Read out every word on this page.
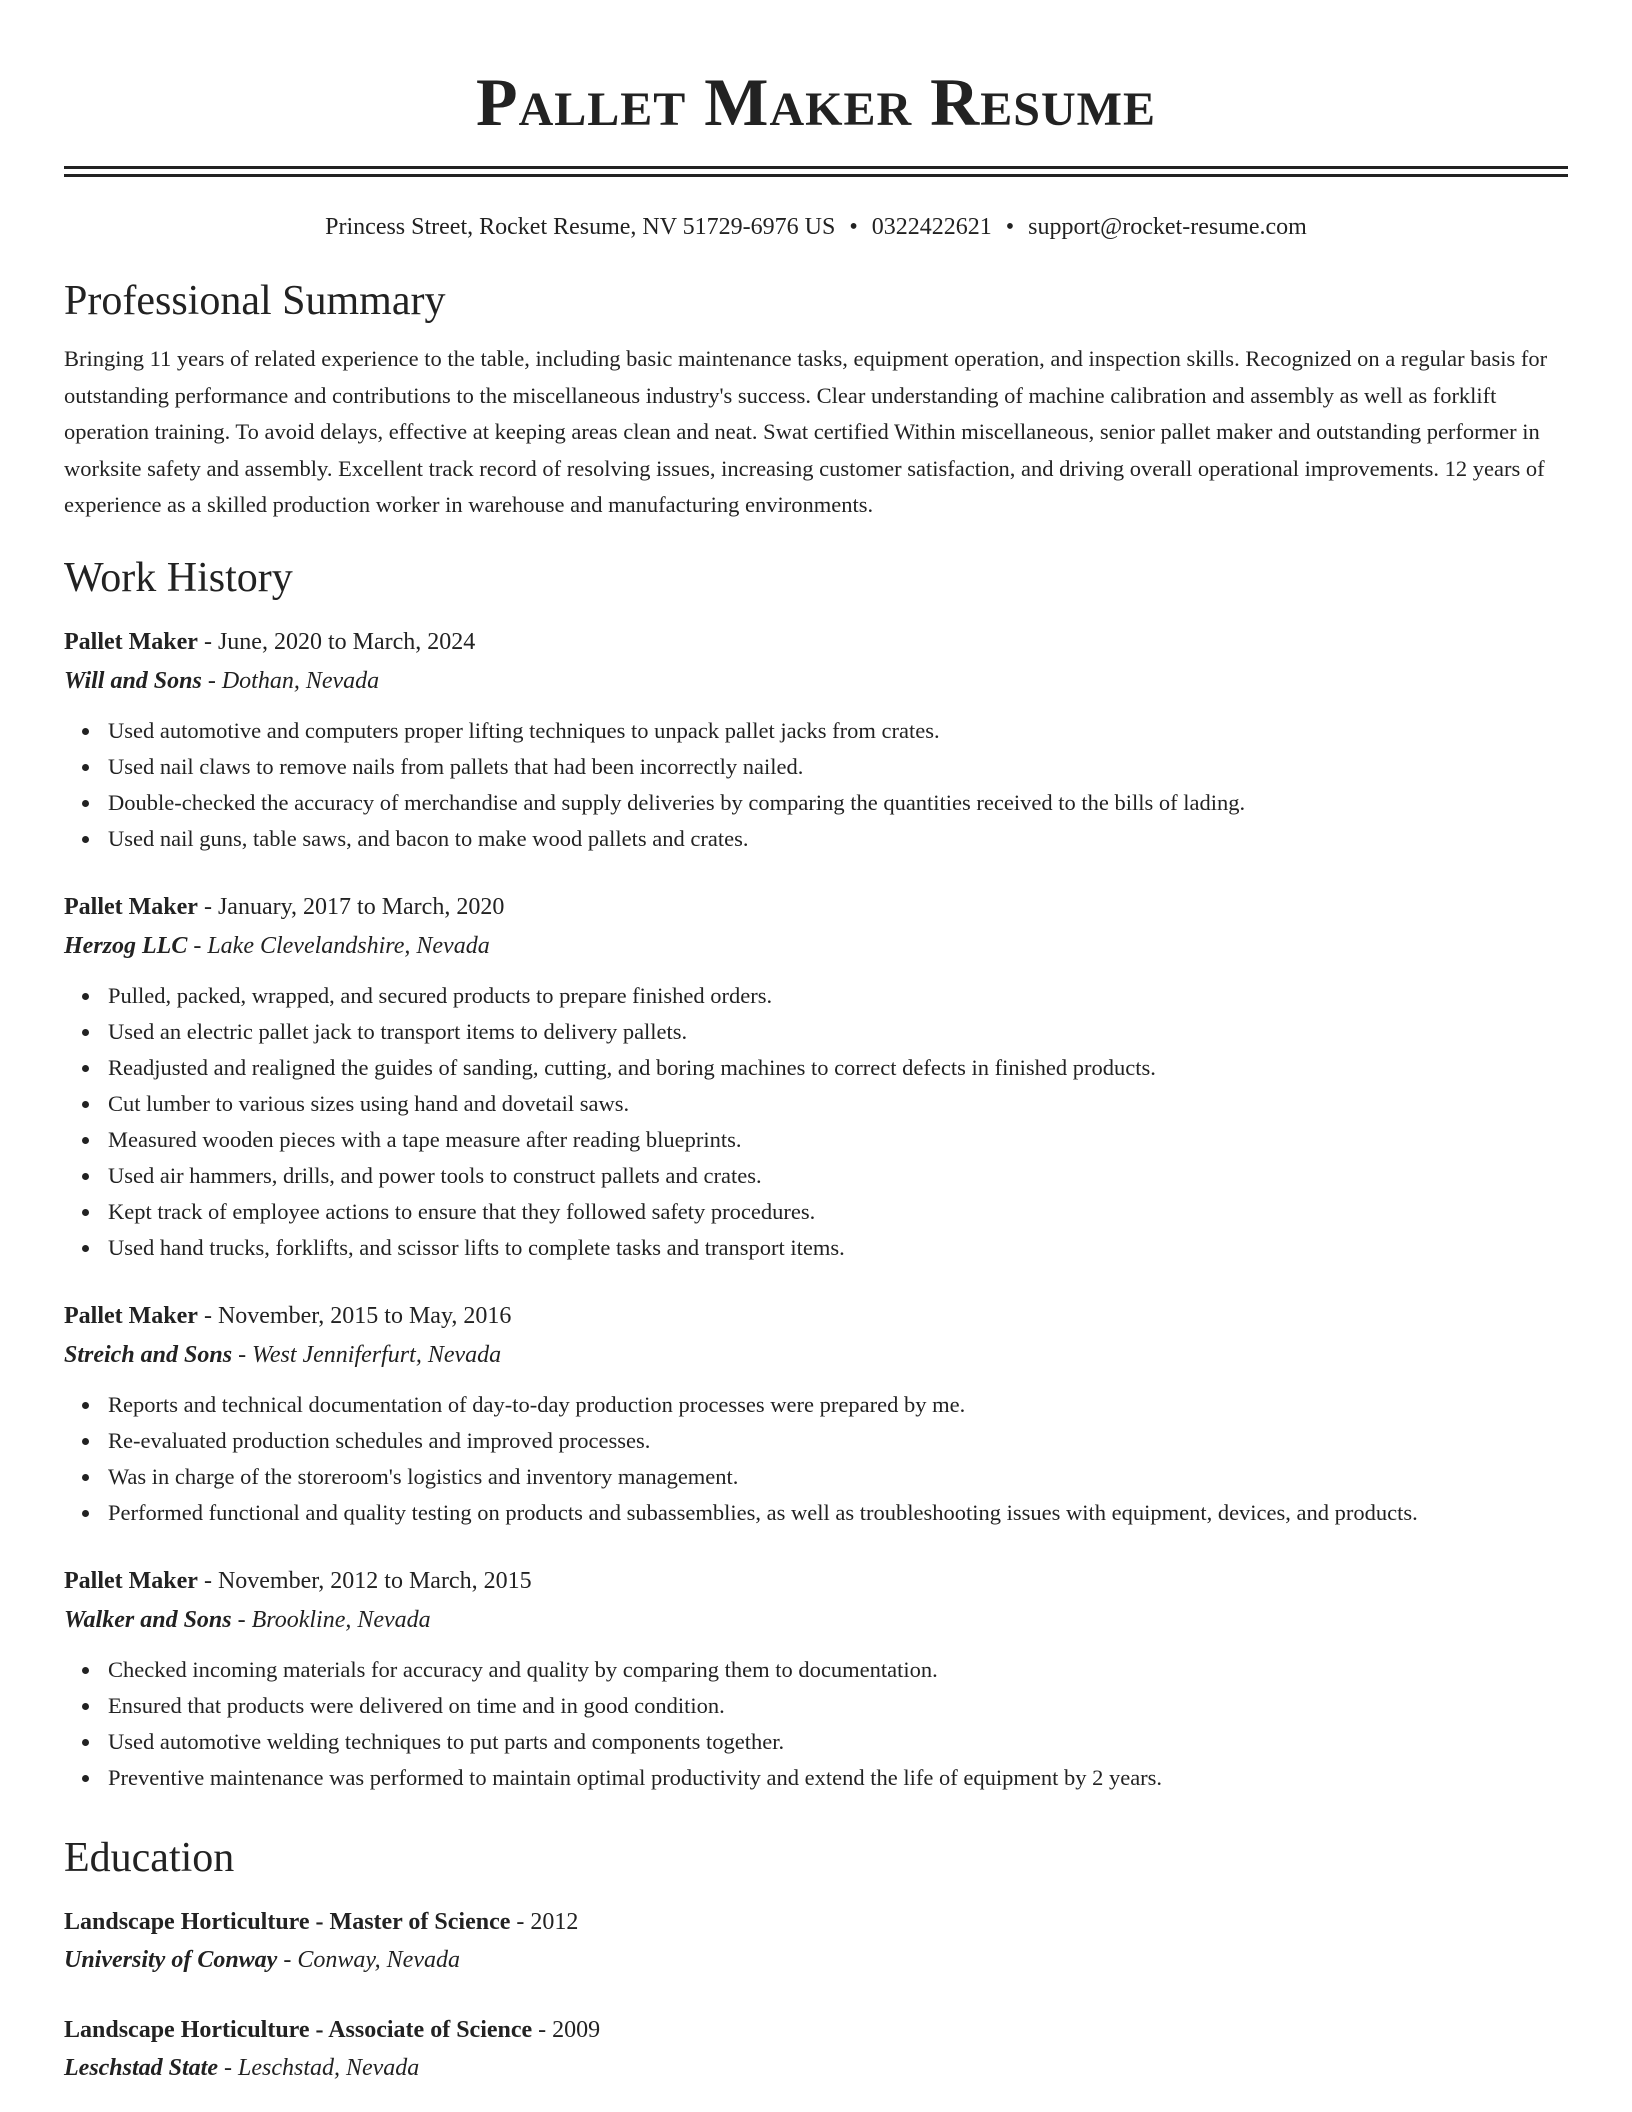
Pallet Maker Resume
Princess Street, Rocket Resume, NV 51729-6976 US • 0322422621 • support@rocket-resume.com
Professional Summary

Bringing 11 years of related experience to the table, including basic maintenance tasks, equipment operation, and inspection skills. Recognized on a regular basis for outstanding performance and contributions to the miscellaneous industry's success. Clear understanding of machine calibration and assembly as well as forklift operation training. To avoid delays, effective at keeping areas clean and neat. Swat certified Within miscellaneous, senior pallet maker and outstanding performer in worksite safety and assembly. Excellent track record of resolving issues, increasing customer satisfaction, and driving overall operational improvements. 12 years of experience as a skilled production worker in warehouse and manufacturing environments.

Work History
Pallet Maker - June, 2020 to March, 2024
Will and Sons - Dothan, Nevada
Used automotive and computers proper lifting techniques to unpack pallet jacks from crates.
Used nail claws to remove nails from pallets that had been incorrectly nailed.
Double-checked the accuracy of merchandise and supply deliveries by comparing the quantities received to the bills of lading.
Used nail guns, table saws, and bacon to make wood pallets and crates.
Pallet Maker - January, 2017 to March, 2020
Herzog LLC - Lake Clevelandshire, Nevada
Pulled, packed, wrapped, and secured products to prepare finished orders.
Used an electric pallet jack to transport items to delivery pallets.
Readjusted and realigned the guides of sanding, cutting, and boring machines to correct defects in finished products.
Cut lumber to various sizes using hand and dovetail saws.
Measured wooden pieces with a tape measure after reading blueprints.
Used air hammers, drills, and power tools to construct pallets and crates.
Kept track of employee actions to ensure that they followed safety procedures.
Used hand trucks, forklifts, and scissor lifts to complete tasks and transport items.
Pallet Maker - November, 2015 to May, 2016
Streich and Sons - West Jenniferfurt, Nevada
Reports and technical documentation of day-to-day production processes were prepared by me.
Re-evaluated production schedules and improved processes.
Was in charge of the storeroom's logistics and inventory management.
Performed functional and quality testing on products and subassemblies, as well as troubleshooting issues with equipment, devices, and products.
Pallet Maker - November, 2012 to March, 2015
Walker and Sons - Brookline, Nevada
Checked incoming materials for accuracy and quality by comparing them to documentation.
Ensured that products were delivered on time and in good condition.
Used automotive welding techniques to put parts and components together.
Preventive maintenance was performed to maintain optimal productivity and extend the life of equipment by 2 years.
Education
Landscape Horticulture - Master of Science - 2012
University of Conway - Conway, Nevada
Landscape Horticulture - Associate of Science - 2009
Leschstad State - Leschstad, Nevada
